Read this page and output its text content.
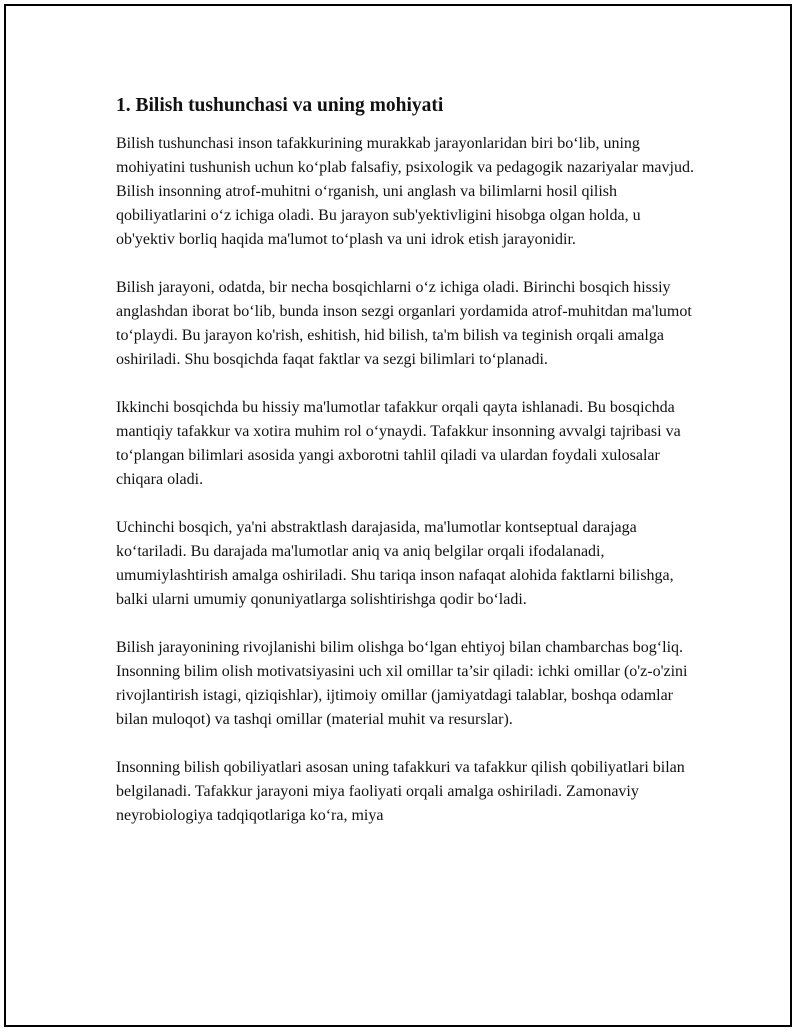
1. Bilish tushunchasi va uning mohiyati

Bilish tushunchasi inson tafakkurining murakkab jarayonlaridan biri bo‘lib, uning mohiyatini tushunish uchun ko‘plab falsafiy, psixologik va pedagogik nazariyalar mavjud. Bilish insonning atrof-muhitni o‘rganish, uni anglash va bilimlarni hosil qilish qobiliyatlarini o‘z ichiga oladi. Bu jarayon sub'yektivligini hisobga olgan holda, u ob'yektiv borliq haqida ma'lumot to‘plash va uni idrok etish jarayonidir.

Bilish jarayoni, odatda, bir necha bosqichlarni o‘z ichiga oladi. Birinchi bosqich hissiy anglashdan iborat bo‘lib, bunda inson sezgi organlari yordamida atrof-muhitdan ma'lumot to‘playdi. Bu jarayon ko'rish, eshitish, hid bilish, ta'm bilish va teginish orqali amalga oshiriladi. Shu bosqichda faqat faktlar va sezgi bilimlari to‘planadi.

Ikkinchi bosqichda bu hissiy ma'lumotlar tafakkur orqali qayta ishlanadi. Bu bosqichda mantiqiy tafakkur va xotira muhim rol o‘ynaydi. Tafakkur insonning avvalgi tajribasi va to‘plangan bilimlari asosida yangi axborotni tahlil qiladi va ulardan foydali xulosalar chiqara oladi.

Uchinchi bosqich, ya'ni abstraktlash darajasida, ma'lumotlar kontseptual darajaga ko‘tariladi. Bu darajada ma'lumotlar aniq va aniq belgilar orqali ifodalanadi, umumiylashtirish amalga oshiriladi. Shu tariqa inson nafaqat alohida faktlarni bilishga, balki ularni umumiy qonuniyatlarga solishtirishga qodir bo‘ladi.

Bilish jarayonining rivojlanishi bilim olishga bo‘lgan ehtiyoj bilan chambarchas bog‘liq. Insonning bilim olish motivatsiyasini uch xil omillar ta’sir qiladi: ichki omillar (o'z-o'zini rivojlantirish istagi, qiziqishlar), ijtimoiy omillar (jamiyatdagi talablar, boshqa odamlar bilan muloqot) va tashqi omillar (material muhit va resurslar).

Insonning bilish qobiliyatlari asosan uning tafakkuri va tafakkur qilish qobiliyatlari bilan belgilanadi. Tafakkur jarayoni miya faoliyati orqali amalga oshiriladi. Zamonaviy neyrobiologiya tadqiqotlariga ko‘ra, miya
